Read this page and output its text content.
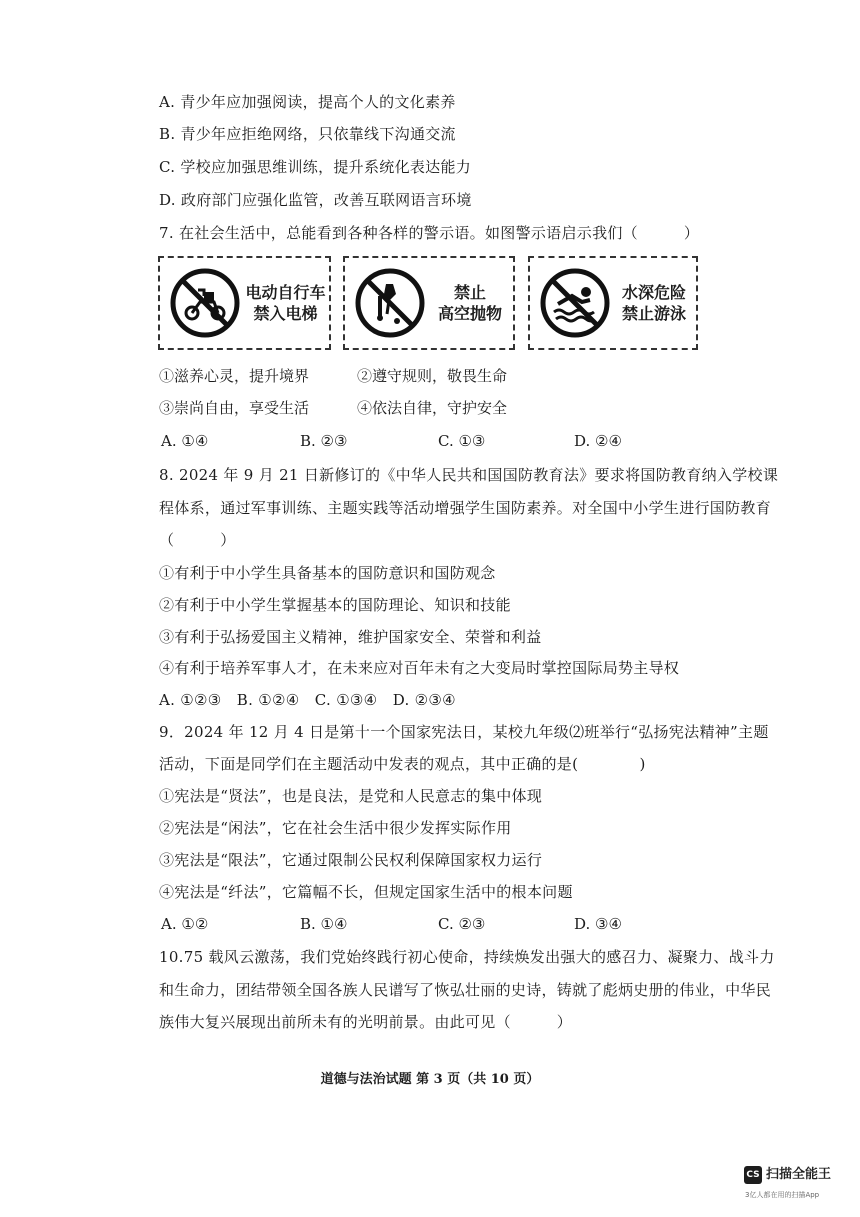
A. 青少年应加强阅读，提高个人的文化素养
B. 青少年应拒绝网络，只依靠线下沟通交流
C. 学校应加强思维训练，提升系统化表达能力
D. 政府部门应强化监管，改善互联网语言环境
7. 在社会生活中，总能看到各种各样的警示语。如图警示语启示我们（　　　）
电动自行车
禁入电梯
禁止
高空抛物
水深危险
禁止游泳
①滋养心灵，提升境界	②遵守规则，敬畏生命
③崇尚自由，享受生活	④依法自律，守护安全
A. ①④	B. ②③	C. ①③	D. ②④
8. 2024 年 9 月 21 日新修订的《中华人民共和国国防教育法》要求将国防教育纳入学校课
程体系，通过军事训练、主题实践等活动增强学生国防素养。对全国中小学生进行国防教育
（　　　）
①有利于中小学生具备基本的国防意识和国防观念
②有利于中小学生掌握基本的国防理论、知识和技能
③有利于弘扬爱国主义精神，维护国家安全、荣誉和利益
④有利于培养军事人才，在未来应对百年未有之大变局时掌控国际局势主导权
A. ①②③　B. ①②④　C. ①③④　D. ②③④
9．2024 年 12 月 4 日是第十一个国家宪法日，某校九年级⑵班举行“弘扬宪法精神”主题
活动，下面是同学们在主题活动中发表的观点，其中正确的是(　　　　)
①宪法是“贤法”，也是良法，是党和人民意志的集中体现
②宪法是“闲法”，它在社会生活中很少发挥实际作用
③宪法是“限法”，它通过限制公民权利保障国家权力运行
④宪法是“纤法”，它篇幅不长，但规定国家生活中的根本问题
A. ①②	B. ①④	C. ②③	D. ③④
10.75 载风云激荡，我们党始终践行初心使命，持续焕发出强大的感召力、凝聚力、战斗力
和生命力，团结带领全国各族人民谱写了恢弘壮丽的史诗，铸就了彪炳史册的伟业，中华民
族伟大复兴展现出前所未有的光明前景。由此可见（　　　）
道德与法治试题 第 3 页（共 10 页）
CS 扫描全能王
3亿人都在用的扫描App
